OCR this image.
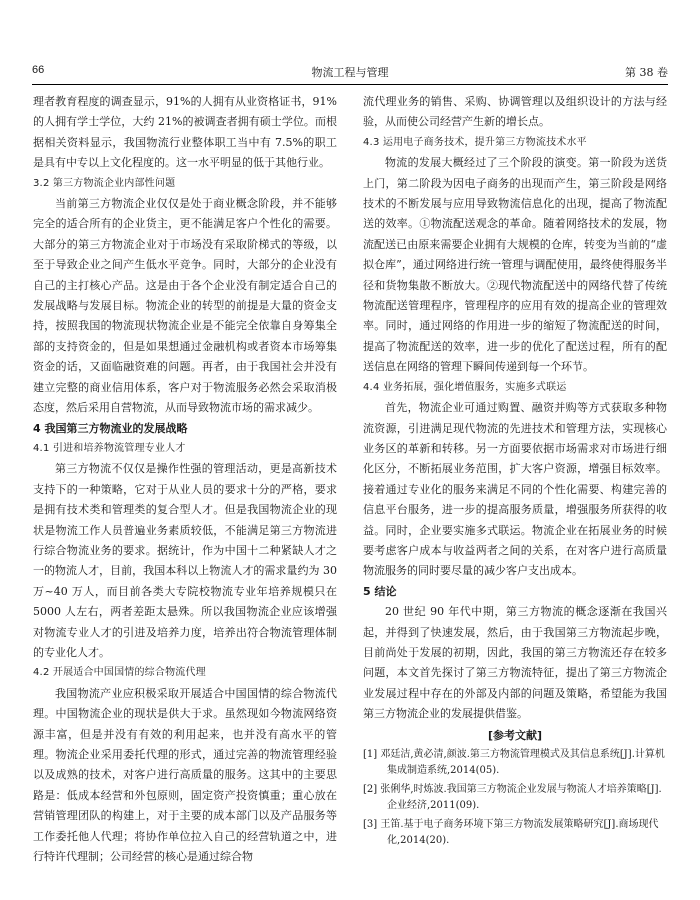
66	物流工程与管理	第 38 卷

理者教育程度的调查显示，91%的人拥有从业资格证书，91%的人拥有学士学位，大约 21%的被调查者拥有硕士学位。而根据相关资料显示，我国物流行业整体职工当中有 7.5%的职工是具有中专以上文化程度的。这一水平明显的低于其他行业。

3.2 第三方物流企业内部性问题

当前第三方物流企业仅仅是处于商业概念阶段，并不能够完全的适合所有的企业货主，更不能满足客户个性化的需要。大部分的第三方物流企业对于市场没有采取阶梯式的等级，以至于导致企业之间产生低水平竞争。同时，大部分的企业没有自己的主打核心产品。这是由于各个企业没有制定适合自己的发展战略与发展目标。物流企业的转型的前提是大量的资金支持，按照我国的物流现状物流企业是不能完全依靠自身筹集全部的支持资金的，但是如果想通过金融机构或者资本市场筹集资金的话，又面临融资难的问题。再者，由于我国社会并没有建立完整的商业信用体系，客户对于物流服务必然会采取消极态度，然后采用自营物流，从而导致物流市场的需求减少。

4 我国第三方物流业的发展战略
4.1 引进和培养物流管理专业人才

第三方物流不仅仅是操作性强的管理活动，更是高新技术支持下的一种策略，它对于从业人员的要求十分的严格，要求是拥有技术类和管理类的复合型人才。但是我国物流企业的现状是物流工作人员普遍业务素质较低，不能满足第三方物流进行综合物流业务的要求。据统计，作为中国十二种紧缺人才之一的物流人才，目前，我国本科以上物流人才的需求量约为 30 万~40 万人，而目前各类大专院校物流专业年培养规模只在 5000 人左右，两者差距太悬殊。所以我国物流企业应该增强对物流专业人才的引进及培养力度，培养出符合物流管理体制的专业化人才。

4.2 开展适合中国国情的综合物流代理

我国物流产业应积极采取开展适合中国国情的综合物流代理。中国物流企业的现状是供大于求。虽然现如今物流网络资源丰富，但是并没有有效的利用起来，也并没有高水平的管理。物流企业采用委托代理的形式，通过完善的物流管理经验以及成熟的技术，对客户进行高质量的服务。这其中的主要思路是：低成本经营和外包原则，固定资产投资慎重；重心放在营销管理团队的构建上，对于主要的成本部门以及产品服务等工作委托他人代理；将协作单位拉入自己的经营轨道之中，进行特许代理制；公司经营的核心是通过综合物

流代理业务的销售、采购、协调管理以及组织设计的方法与经验，从而使公司经营产生新的增长点。

4.3 运用电子商务技术，提升第三方物流技术水平

物流的发展大概经过了三个阶段的演变。第一阶段为送货上门，第二阶段为因电子商务的出现而产生，第三阶段是网络技术的不断发展与应用导致物流信息化的出现，提高了物流配送的效率。①物流配送观念的革命。随着网络技术的发展，物流配送已由原来需要企业拥有大规模的仓库，转变为当前的“虚拟仓库”，通过网络进行统一管理与调配使用，最终使得服务半径和货物集散不断放大。②现代物流配送中的网络代替了传统物流配送管理程序，管理程序的应用有效的提高企业的管理效率。同时，通过网络的作用进一步的缩短了物流配送的时间，提高了物流配送的效率，进一步的优化了配送过程，所有的配送信息在网络的管理下瞬间传递到每一个环节。

4.4 业务拓展，强化增值服务，实施多式联运

首先，物流企业可通过购置、融资并购等方式获取多种物流资源，引进满足现代物流的先进技术和管理方法，实现核心业务区的革新和转移。另一方面要依据市场需求对市场进行细化区分，不断拓展业务范围，扩大客户资源，增强目标效率。接着通过专业化的服务来满足不同的个性化需要、构建完善的信息平台服务，进一步的提高服务质量，增强服务所获得的收益。同时，企业要实施多式联运。物流企业在拓展业务的时候要考虑客户成本与收益两者之间的关系，在对客户进行高质量物流服务的同时要尽量的减少客户支出成本。

5 结论

20 世纪 90 年代中期，第三方物流的概念逐渐在我国兴起，并得到了快速发展，然后，由于我国第三方物流起步晚，目前尚处于发展的初期，因此，我国的第三方物流还存在较多问题，本文首先探讨了第三方物流特征，提出了第三方物流企业发展过程中存在的外部及内部的问题及策略，希望能为我国第三方物流企业的发展提供借鉴。

[参考文献]
[1] 邓廷洁,黄必清,颜波.第三方物流管理模式及其信息系统[J].计算机集成制造系统,2014(05).
[2] 张俐华,时炼波.我国第三方物流企业发展与物流人才培养策略[J].企业经济,2011(09).
[3] 王笛.基于电子商务环境下第三方物流发展策略研究[J].商场现代化,2014(20).
